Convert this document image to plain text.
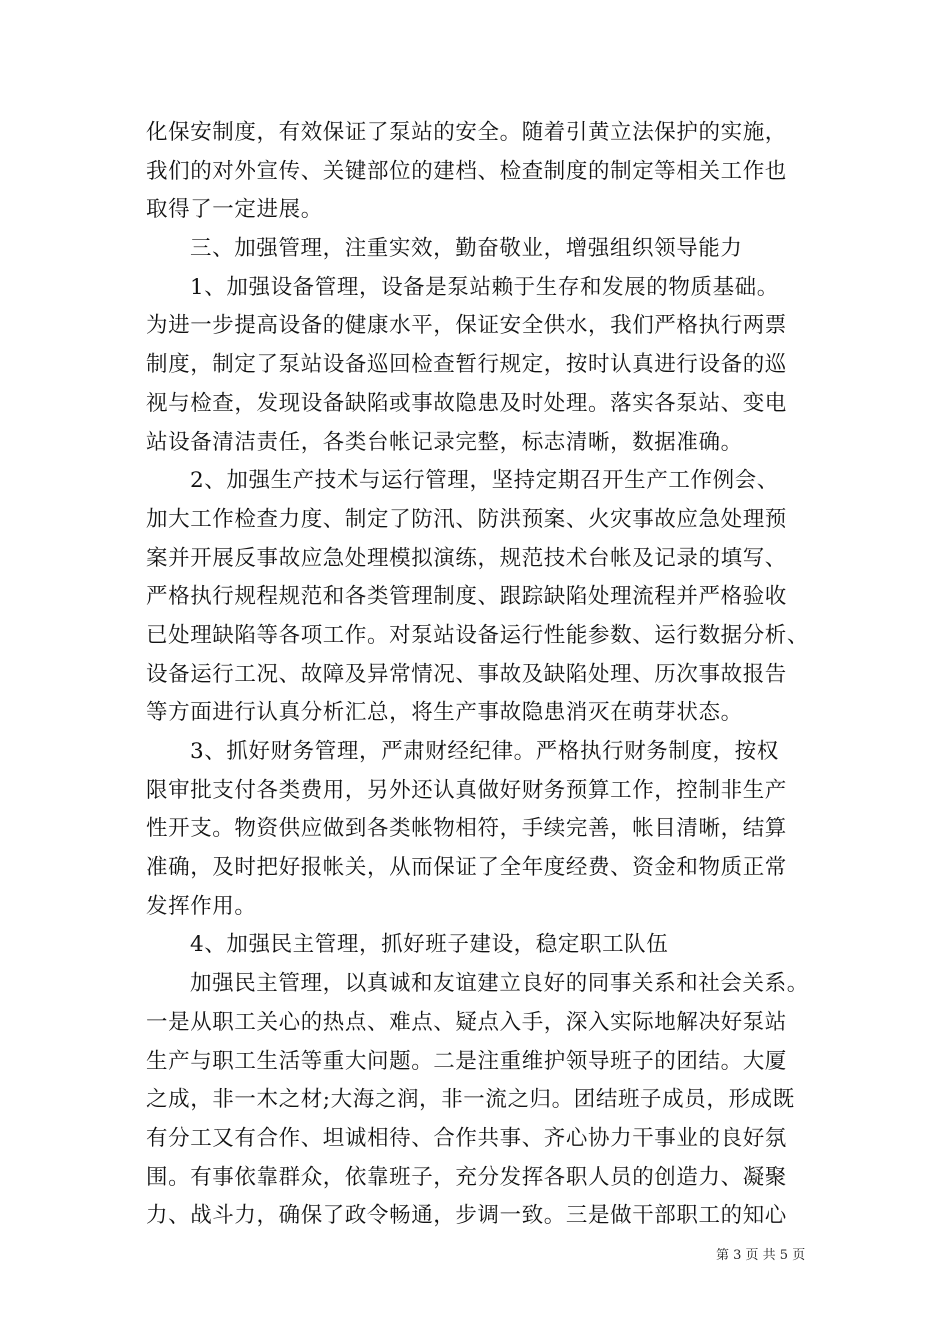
化保安制度，有效保证了泵站的安全。随着引黄立法保护的实施，
我们的对外宣传、关键部位的建档、检查制度的制定等相关工作也
取得了一定进展。
三、加强管理，注重实效，勤奋敬业，增强组织领导能力
1、加强设备管理，设备是泵站赖于生存和发展的物质基础。
为进一步提高设备的健康水平，保证安全供水，我们严格执行两票
制度，制定了泵站设备巡回检查暂行规定，按时认真进行设备的巡
视与检查，发现设备缺陷或事故隐患及时处理。落实各泵站、变电
站设备清洁责任，各类台帐记录完整，标志清晰，数据准确。
2、加强生产技术与运行管理，坚持定期召开生产工作例会、
加大工作检查力度、制定了防汛、防洪预案、火灾事故应急处理预
案并开展反事故应急处理模拟演练，规范技术台帐及记录的填写、
严格执行规程规范和各类管理制度、跟踪缺陷处理流程并严格验收
已处理缺陷等各项工作。对泵站设备运行性能参数、运行数据分析、
设备运行工况、故障及异常情况、事故及缺陷处理、历次事故报告
等方面进行认真分析汇总，将生产事故隐患消灭在萌芽状态。
3、抓好财务管理，严肃财经纪律。严格执行财务制度，按权
限审批支付各类费用，另外还认真做好财务预算工作，控制非生产
性开支。物资供应做到各类帐物相符，手续完善，帐目清晰，结算
准确，及时把好报帐关，从而保证了全年度经费、资金和物质正常
发挥作用。
4、加强民主管理，抓好班子建设，稳定职工队伍
加强民主管理，以真诚和友谊建立良好的同事关系和社会关系。
一是从职工关心的热点、难点、疑点入手，深入实际地解决好泵站
生产与职工生活等重大问题。二是注重维护领导班子的团结。大厦
之成，非一木之材;大海之润，非一流之归。团结班子成员，形成既
有分工又有合作、坦诚相待、合作共事、齐心协力干事业的良好氛
围。有事依靠群众，依靠班子，充分发挥各职人员的创造力、凝聚
力、战斗力，确保了政令畅通，步调一致。三是做干部职工的知心
第 3 页 共 5 页
